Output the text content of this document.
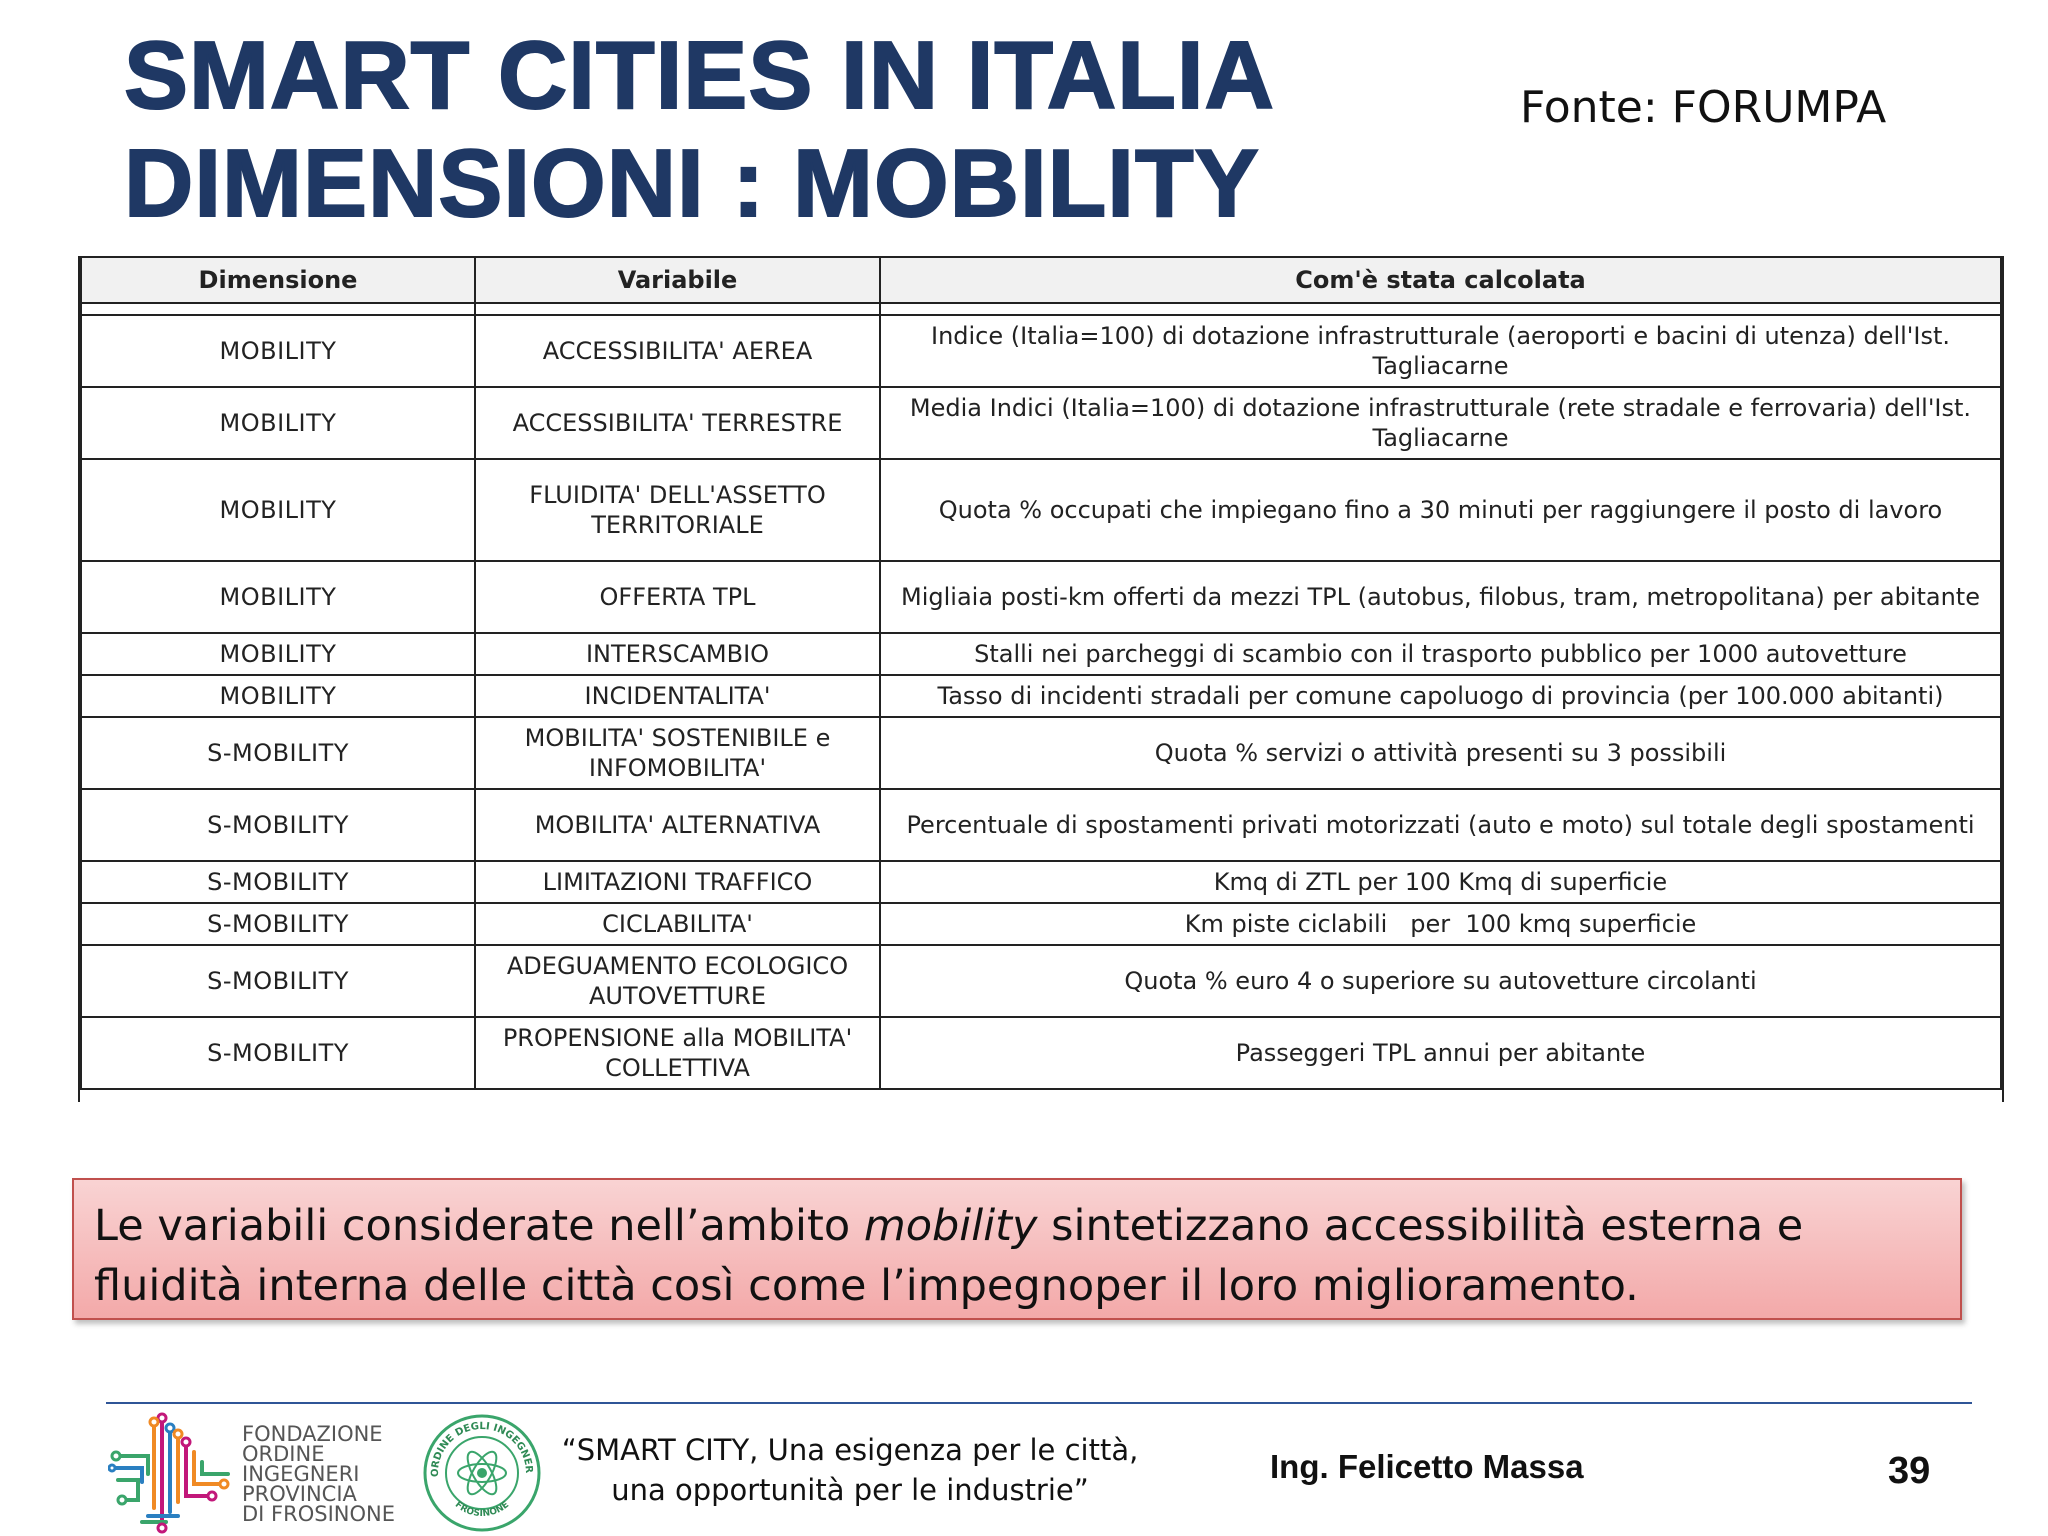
SMART CITIES IN ITALIA
DIMENSIONI : MOBILITY
Fonte: FORUMPA
Dimensione	Variabile	Com'è stata calcolata

MOBILITY	ACCESSIBILITA' AEREA	Indice (Italia=100) di dotazione infrastrutturale (aeroporti e bacini di utenza) dell'Ist. Tagliacarne
MOBILITY	ACCESSIBILITA' TERRESTRE	Media Indici (Italia=100) di dotazione infrastrutturale (rete stradale e ferrovaria) dell'Ist. Tagliacarne
MOBILITY	FLUIDITA' DELL'ASSETTO TERRITORIALE	Quota % occupati che impiegano fino a 30 minuti per raggiungere il posto di lavoro
MOBILITY	OFFERTA TPL	Migliaia posti-km offerti da mezzi TPL (autobus, filobus, tram, metropolitana) per abitante
MOBILITY	INTERSCAMBIO	Stalli nei parcheggi di scambio con il trasporto pubblico per 1000 autovetture
MOBILITY	INCIDENTALITA'	Tasso di incidenti stradali per comune capoluogo di provincia (per 100.000 abitanti)
S-MOBILITY	MOBILITA' SOSTENIBILE e INFOMOBILITA'	Quota % servizi o attività presenti su 3 possibili
S-MOBILITY	MOBILITA' ALTERNATIVA	Percentuale di spostamenti privati motorizzati (auto e moto) sul totale degli spostamenti
S-MOBILITY	LIMITAZIONI TRAFFICO	Kmq di ZTL per 100 Kmq di superficie
S-MOBILITY	CICLABILITA'	Km piste ciclabili   per  100 kmq superficie
S-MOBILITY	ADEGUAMENTO ECOLOGICO AUTOVETTURE	Quota % euro 4 o superiore su autovetture circolanti
S-MOBILITY	PROPENSIONE alla MOBILITA' COLLETTIVA	Passeggeri TPL annui per abitante
Le variabili considerate nell’ambito mobility sintetizzano accessibilità esterna e fluidità interna delle città così come l’impegnoper il loro miglioramento.
FONDAZIONE
ORDINE
INGEGNERI
PROVINCIA
DI FROSINONE
ORDINE DEGLI INGEGNER
FROSINONE
“SMART CITY, Una esigenza per le città,
una opportunità per le industrie”
Ing. Felicetto Massa	39
